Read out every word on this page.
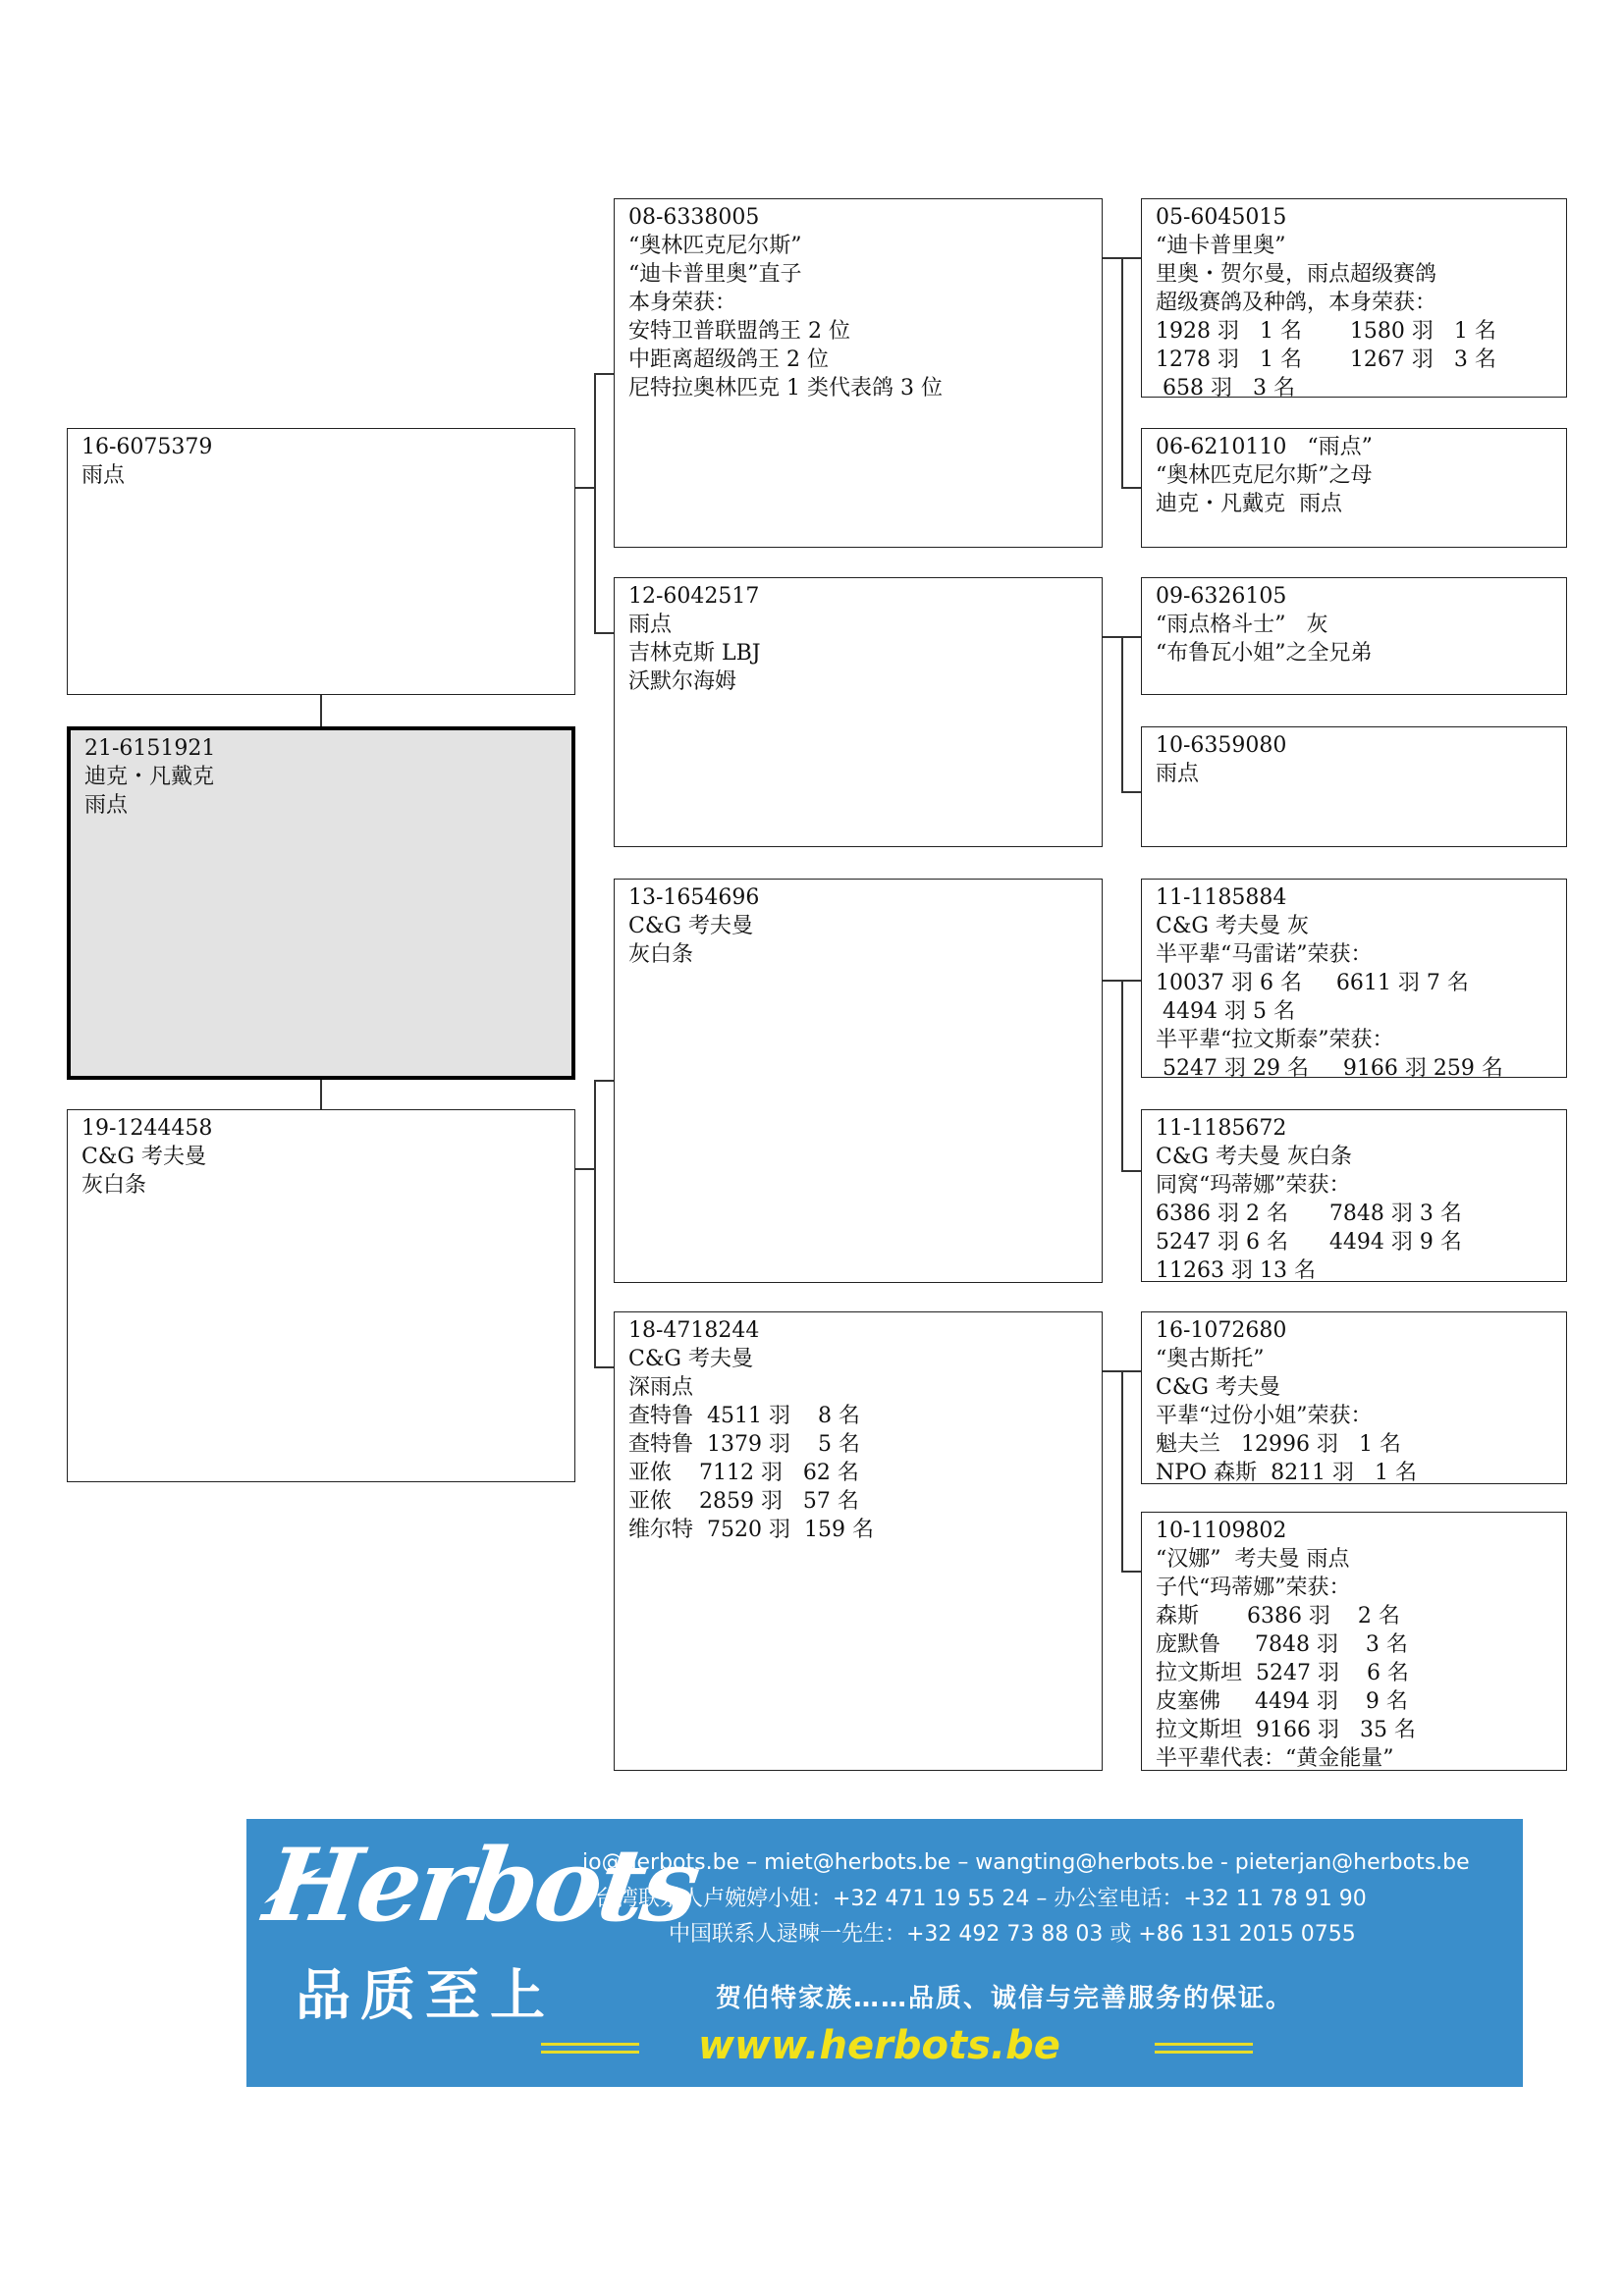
16-6075379
雨点
21-6151921
迪克・凡戴克
雨点
19-1244458
C&G 考夫曼
灰白条
08-6338005
“奥林匹克尼尔斯”
“迪卡普里奥”直子
本身荣获：
安特卫普联盟鸽王 2 位
中距离超级鸽王 2 位
尼特拉奥林匹克 1 类代表鸽 3 位
12-6042517
雨点
吉林克斯 LBJ
沃默尔海姆
13-1654696
C&G 考夫曼
灰白条
18-4718244
C&G 考夫曼
深雨点
查特鲁  4511 羽    8 名
查特鲁  1379 羽    5 名
亚侬    7112 羽   62 名
亚侬    2859 羽   57 名
维尔特  7520 羽  159 名
05-6045015
“迪卡普里奥”
里奥・贺尔曼，雨点超级赛鸽
超级赛鸽及种鸽，本身荣获：
1928 羽   1 名       1580 羽   1 名
1278 羽   1 名       1267 羽   3 名
658 羽   3 名
06-6210110   “雨点”
“奥林匹克尼尔斯”之母
迪克・凡戴克  雨点
09-6326105
“雨点格斗士”   灰
“布鲁瓦小姐”之全兄弟
10-6359080
雨点
11-1185884
C&G 考夫曼 灰
半平辈“马雷诺”荣获：
10037 羽 6 名     6611 羽 7 名
4494 羽 5 名
半平辈“拉文斯泰”荣获：
5247 羽 29 名     9166 羽 259 名
11-1185672
C&G 考夫曼 灰白条
同窝“玛蒂娜”荣获：
6386 羽 2 名      7848 羽 3 名
5247 羽 6 名      4494 羽 9 名
11263 羽 13 名
16-1072680
“奥古斯托”
C&G 考夫曼
平辈“过份小姐”荣获：
魁夫兰   12996 羽   1 名
NPO 森斯  8211 羽   1 名
10-1109802
“汉娜”  考夫曼 雨点
子代“玛蒂娜”荣获：
森斯       6386 羽    2 名
庞默鲁     7848 羽    3 名
拉文斯坦  5247 羽    6 名
皮塞佛     4494 羽    9 名
拉文斯坦  9166 羽   35 名
半平辈代表：“黄金能量”
Herbots
品质至上
jo@herbots.be – miet@herbots.be – wangting@herbots.be - pieterjan@herbots.be
台湾联系人卢婉婷小姐：+32 471 19 55 24 – 办公室电话：+32 11 78 91 90
中国联系人逯暕一先生：+32 492 73 88 03 或 +86 131 2015 0755
贺伯特家族……品质、诚信与完善服务的保证。
www.herbots.be
